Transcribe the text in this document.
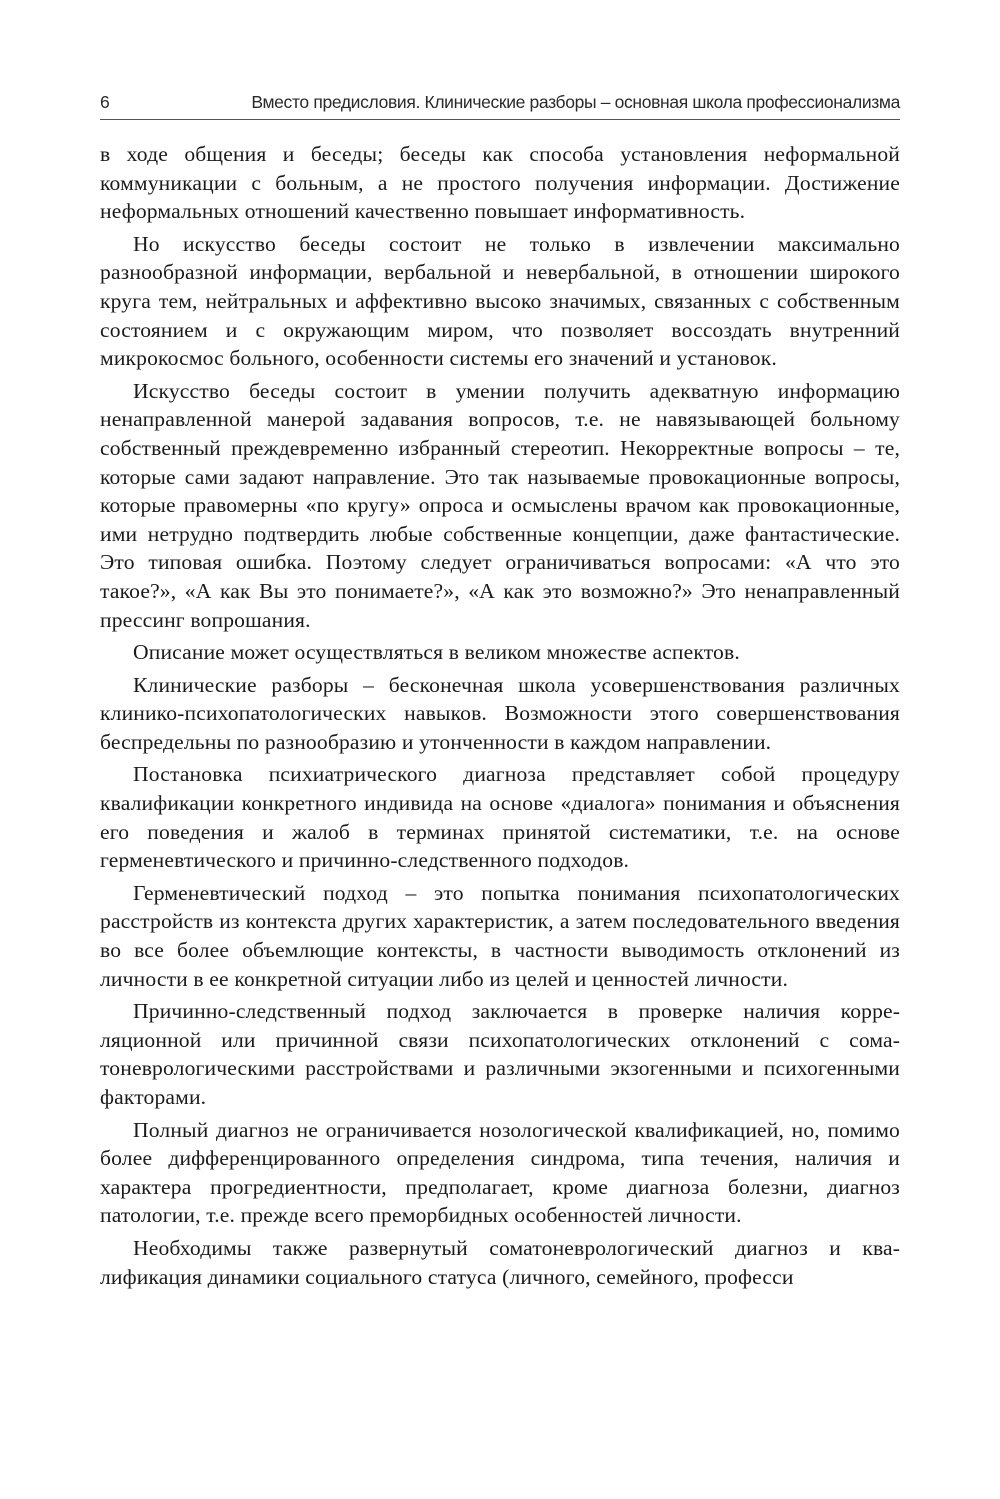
6	Вместо предисловия. Клинические разборы – основная школа профессионализма

в ходе общения и беседы; беседы как способа установления неформальной коммуникации с больным, а не простого получения информации. Достижение неформальных отношений качественно повышает информативность.

Но искусство беседы состоит не только в извлечении максимально разнообразной информации, вербальной и невербальной, в отношении широкого круга тем, нейтральных и аффективно высоко значимых, связанных с собственным состоянием и с окружающим миром, что позволяет воссоздать внутренний микрокосмос больного, особенности системы его значений и установок.

Искусство беседы состоит в умении получить адекватную информацию ненаправленной манерой задавания вопросов, т.е. не навязывающей больному собственный преждевременно избранный стереотип. Некорректные вопросы – те, которые сами задают направление. Это так называемые провокационные вопросы, которые правомерны «по кругу» опроса и осмыслены врачом как провокационные, ими нетрудно подтвердить любые собственные концепции, даже фантастические. Это типовая ошибка. Поэтому следует ограничиваться вопросами: «А что это такое?», «А как Вы это понимаете?», «А как это возможно?» Это ненаправленный прессинг вопрошания.

Описание может осуществляться в великом множестве аспектов.

Клинические разборы – бесконечная школа усовершенствования различных клинико-психопатологических навыков. Возможности этого совершенствования беспредельны по разнообразию и утонченности в каждом направлении.

Постановка психиатрического диагноза представляет собой процедуру квалификации конкретного индивида на основе «диалога» понимания и объяснения его поведения и жалоб в терминах принятой систематики, т.е. на основе герменевтического и причинно-следственного подходов.

Герменевтический подход – это попытка понимания психопатологических расстройств из контекста других характеристик, а затем последовательного введения во все более объемлющие контексты, в частности выводимость отклонений из личности в ее конкретной ситуации либо из целей и ценностей личности.

Причинно-следственный подход заключается в проверке наличия корреляционной или причинной связи психопатологических отклонений с соматоневрологическими расстройствами и различными экзогенными и психогенными факторами.

Полный диагноз не ограничивается нозологической квалификацией, но, помимо более дифференцированного определения синдрома, типа течения, наличия и характера прогредиентности, предполагает, кроме диагноза болезни, диагноз патологии, т.е. прежде всего преморбидных особенностей личности.

Необходимы также развернутый соматоневрологический диагноз и квалификация динамики социального статуса (личного, семейного, професси
